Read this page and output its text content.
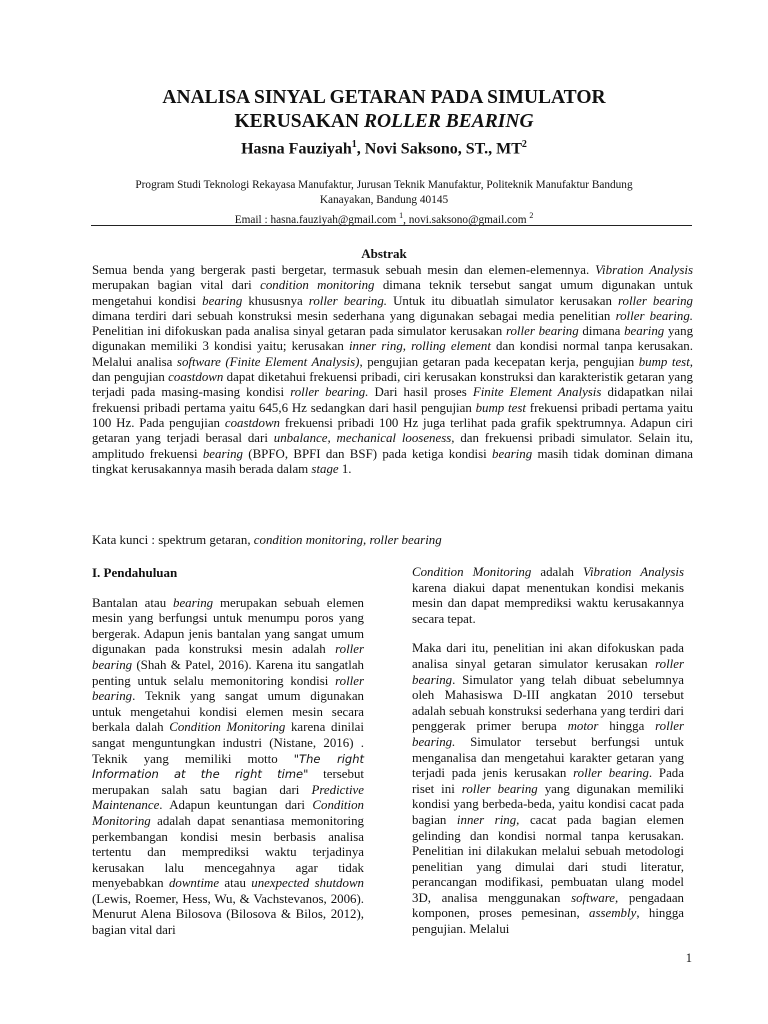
ANALISA SINYAL GETARAN PADA SIMULATOR
KERUSAKAN ROLLER BEARING
Hasna Fauziyah$^1$, Novi Saksono, ST., $MT^2$
Program Studi Teknologi Rekayasa Manufaktur, Jurusan Teknik Manufaktur, Politeknik Manufaktur Bandung
Kanayakan, Bandung 40145
Email : hasna.fauziyah@gmail.com $^1$, novi.saksono@gmail.com $^2$
Abstrak

Semua benda yang bergerak pasti bergetar, termasuk sebuah mesin dan elemen-elemennya. Vibration Analysis merupakan bagian vital dari condition monitoring dimana teknik tersebut sangat umum digunakan untuk mengetahui kondisi bearing khususnya roller bearing. Untuk itu dibuatlah simulator kerusakan roller bearing dimana terdiri dari sebuah konstruksi mesin sederhana yang digunakan sebagai media penelitian roller bearing. Penelitian ini difokuskan pada analisa sinyal getaran pada simulator kerusakan roller bearing dimana bearing yang digunakan memiliki 3 kondisi yaitu; kerusakan inner ring, rolling element dan kondisi normal tanpa kerusakan. Melalui analisa software (Finite Element Analysis), pengujian getaran pada kecepatan kerja, pengujian bump test, dan pengujian coastdown dapat diketahui frekuensi pribadi, ciri kerusakan konstruksi dan karakteristik getaran yang terjadi pada masing-masing kondisi roller bearing. Dari hasil proses Finite Element Analysis didapatkan nilai frekuensi pribadi pertama yaitu 645,6 Hz sedangkan dari hasil pengujian bump test frekuensi pribadi pertama yaitu 100 Hz. Pada pengujian coastdown frekuensi pribadi 100 Hz juga terlihat pada grafik spektrumnya. Adapun ciri getaran yang terjadi berasal dari unbalance, mechanical looseness, dan frekuensi pribadi simulator. Selain itu, amplitudo frekuensi bearing (BPFO, BPFI dan BSF) pada ketiga kondisi bearing masih tidak dominan dimana tingkat kerusakannya masih berada dalam stage 1.

Kata kunci : spektrum getaran, condition monitoring, roller bearing

I. Pendahuluan

Bantalan atau bearing merupakan sebuah elemen mesin yang berfungsi untuk menumpu poros yang bergerak. Adapun jenis bantalan yang sangat umum digunakan pada konstruksi mesin adalah roller bearing (Shah & Patel, 2016). Karena itu sangatlah penting untuk selalu memonitoring kondisi roller bearing. Teknik yang sangat umum digunakan untuk mengetahui kondisi elemen mesin secara berkala dalah Condition Monitoring karena dinilai sangat menguntungkan industri (Nistane, 2016) . Teknik yang memiliki motto "The right Information at the right time" tersebut merupakan salah satu bagian dari Predictive Maintenance. Adapun keuntungan dari Condition Monitoring adalah dapat senantiasa memonitoring perkembangan kondisi mesin berbasis analisa tertentu dan memprediksi waktu terjadinya kerusakan lalu mencegahnya agar tidak menyebabkan downtime atau unexpected shutdown (Lewis, Roemer, Hess, Wu, & Vachstevanos, 2006). Menurut Alena Bilosova (Bilosova & Bilos, 2012), bagian vital dari

Condition Monitoring adalah Vibration Analysis karena diakui dapat menentukan kondisi mekanis mesin dan dapat memprediksi waktu kerusakannya secara tepat.

Maka dari itu, penelitian ini akan difokuskan pada analisa sinyal getaran simulator kerusakan roller bearing. Simulator yang telah dibuat sebelumnya oleh Mahasiswa D-III angkatan 2010 tersebut adalah sebuah konstruksi sederhana yang terdiri dari penggerak primer berupa motor hingga roller bearing. Simulator tersebut berfungsi untuk menganalisa dan mengetahui karakter getaran yang terjadi pada jenis kerusakan roller bearing. Pada riset ini roller bearing yang digunakan memiliki kondisi yang berbeda-beda, yaitu kondisi cacat pada bagian inner ring, cacat pada bagian elemen gelinding dan kondisi normal tanpa kerusakan. Penelitian ini dilakukan melalui sebuah metodologi penelitian yang dimulai dari studi literatur, perancangan modifikasi, pembuatan ulang model 3D, analisa menggunakan software, pengadaan komponen, proses pemesinan, assembly, hingga pengujian. Melalui

1
